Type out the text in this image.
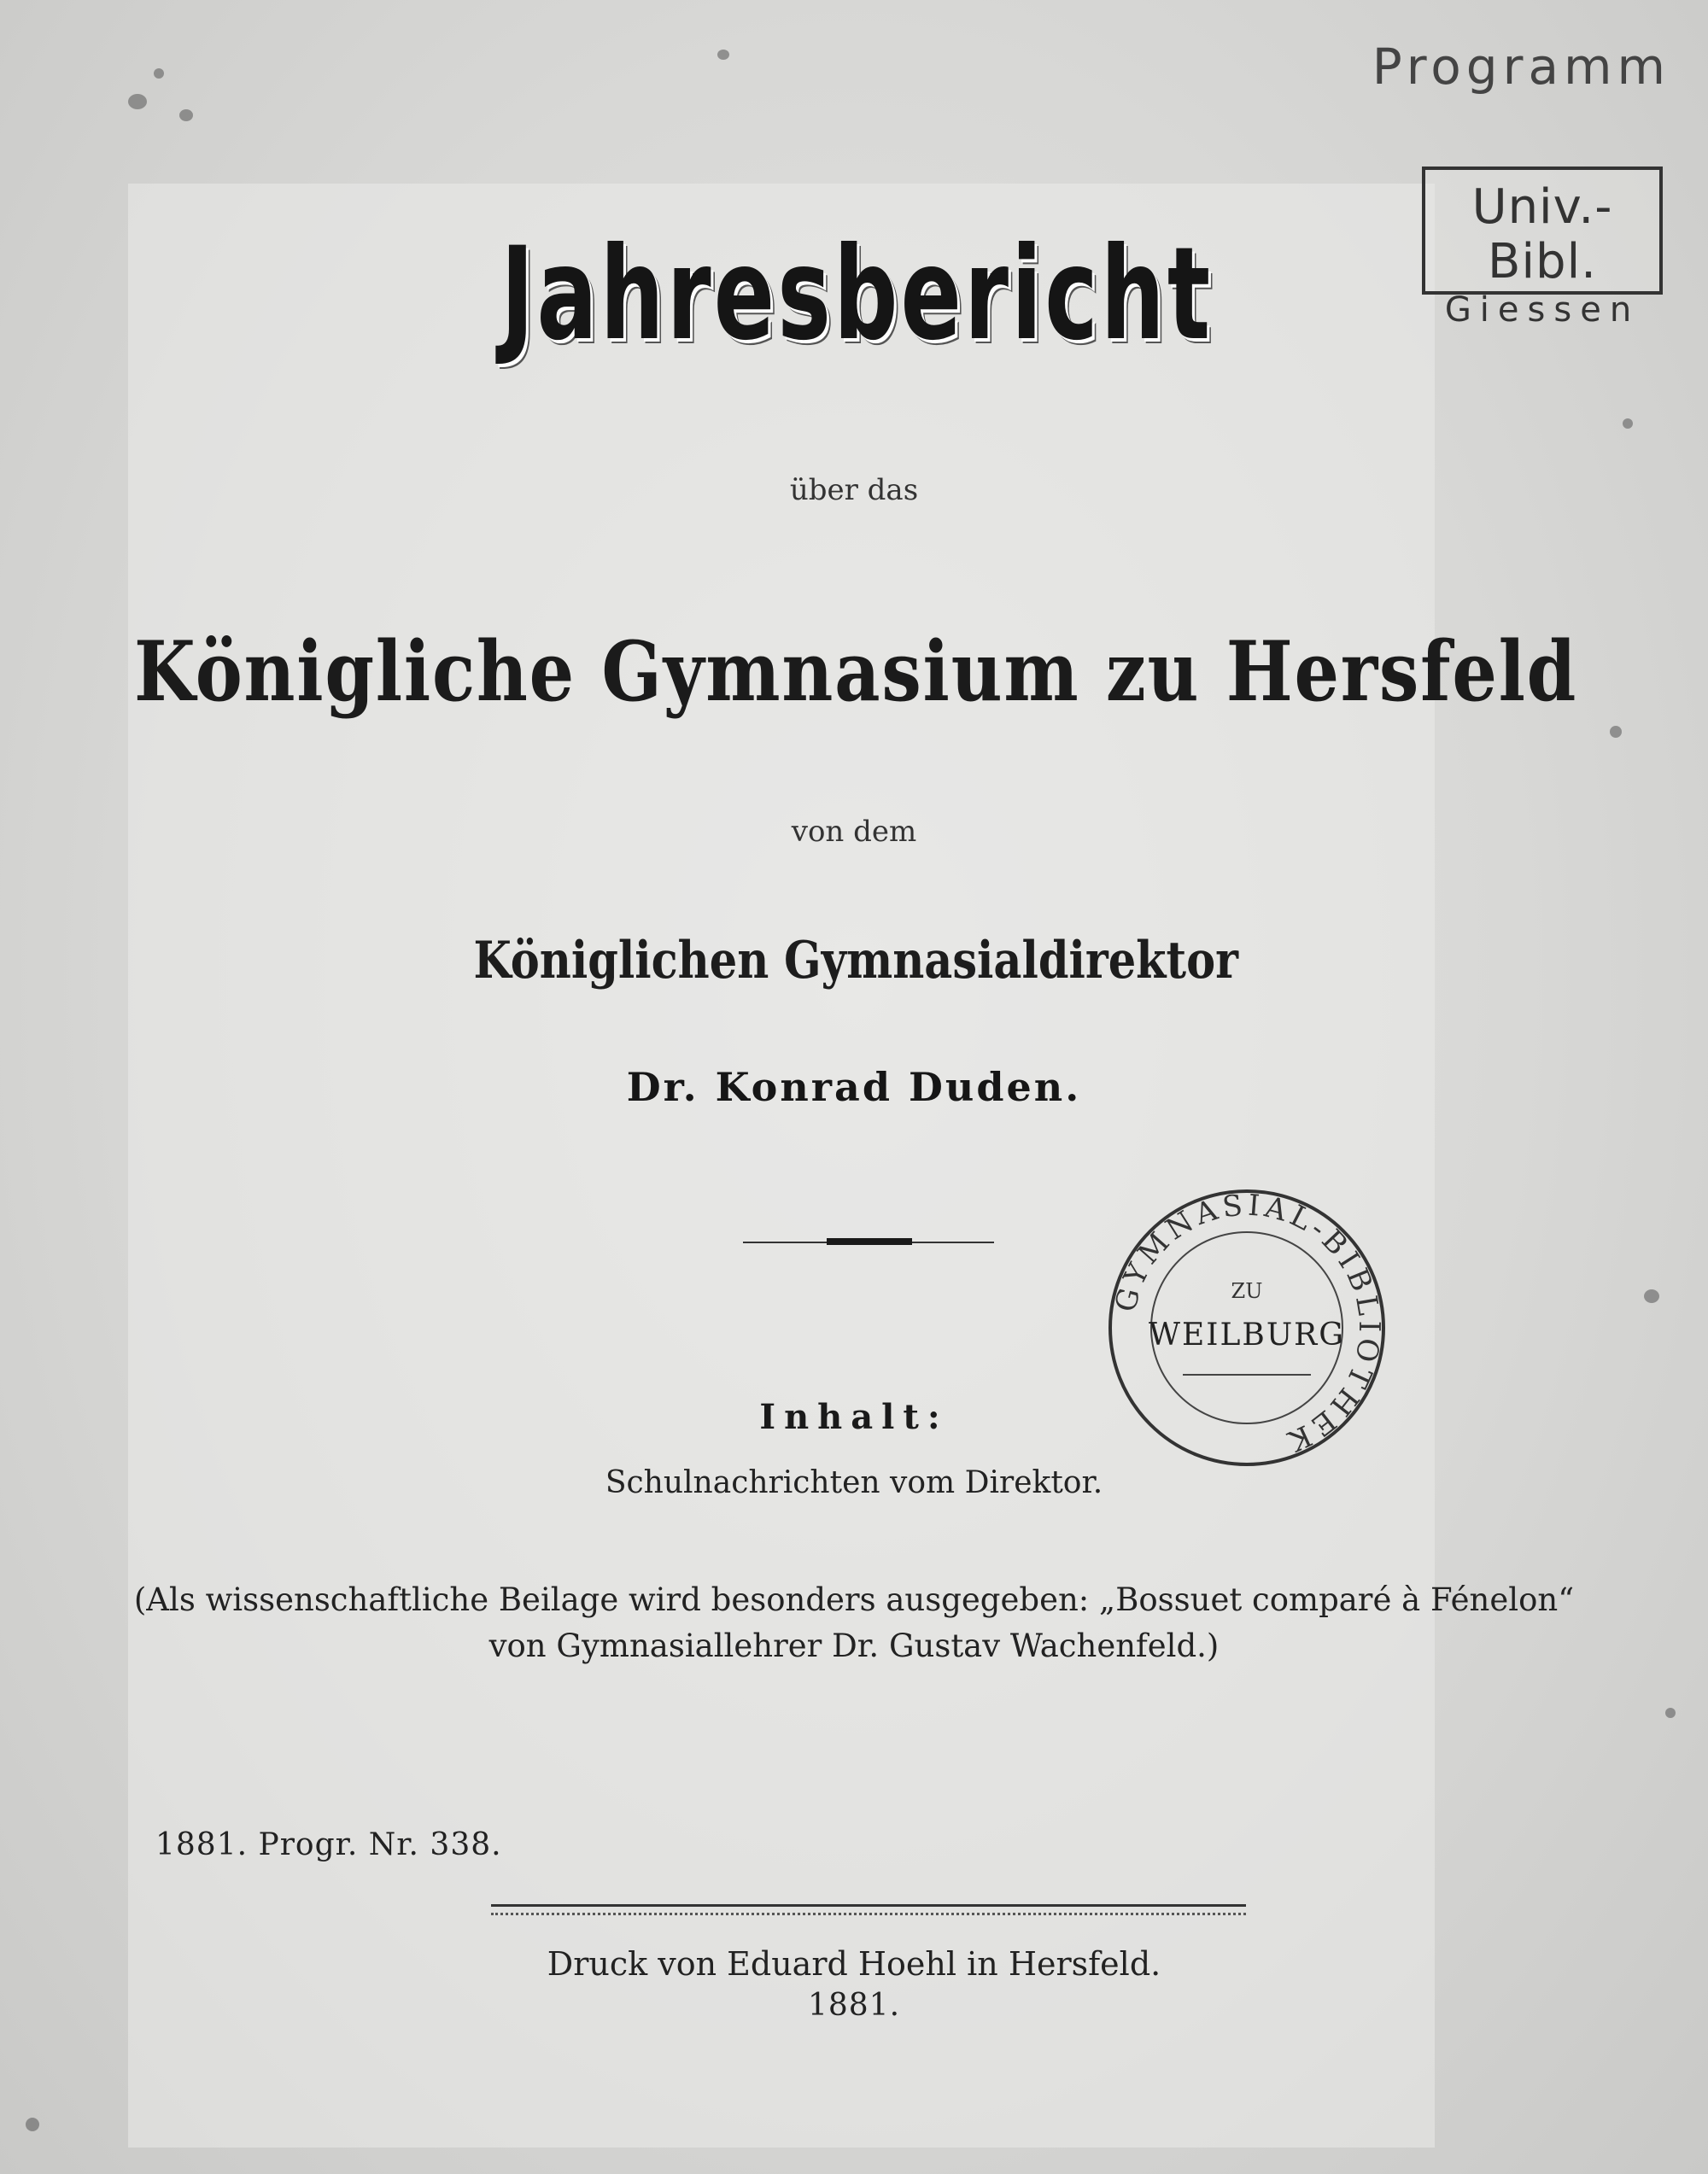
Programm
Univ.-Bibl.
Giessen
Jahresbericht
über das
Königliche Gymnasium zu Hersfeld
von dem
Königlichen Gymnasialdirektor
Dr. Konrad Duden.
GYMNASIAL-BIBLIOTHEK
ZU
WEILBURG
Inhalt:
Schulnachrichten vom Direktor.
(Als wissenschaftliche Beilage wird besonders ausgegeben: „Bossuet comparé à Fénelon“
von Gymnasiallehrer Dr. Gustav Wachenfeld.)
1881. Progr. Nr. 338.
Druck von Eduard Hoehl in Hersfeld.
1881.
